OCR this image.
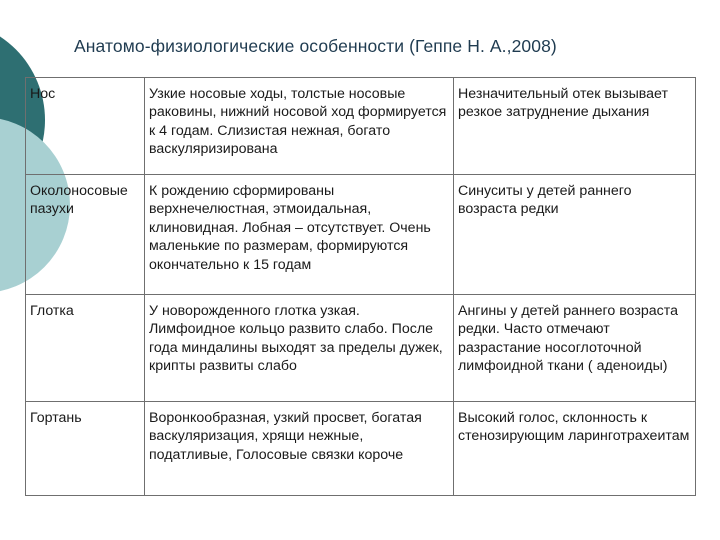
Анатомо-физиологические особенности (Геппе Н. А.,2008)
Нос	Узкие носовые ходы, толстые носовые раковины, нижний носовой ход формируется к 4 годам. Слизистая нежная, богато васкуляризирована	Незначительный отек вызывает резкое затруднение дыхания
Околоносовые пазухи	К рождению сформированы верхнечелюстная, этмоидальная, клиновидная. Лобная – отсутствует. Очень маленькие по размерам, формируются окончательно к 15 годам	Синуситы у детей раннего возраста редки
Глотка	У новорожденного глотка узкая. Лимфоидное кольцо развито слабо. После года миндалины выходят за пределы дужек, крипты развиты слабо	Ангины у детей раннего возраста редки. Часто отмечают разрастание носоглоточной лимфоидной ткани ( аденоиды)
Гортань	Воронкообразная, узкий просвет, богатая васкуляризация, хрящи нежные, податливые, Голосовые связки короче	Высокий голос, склонность к стенозирующим ларинготрахеитам
